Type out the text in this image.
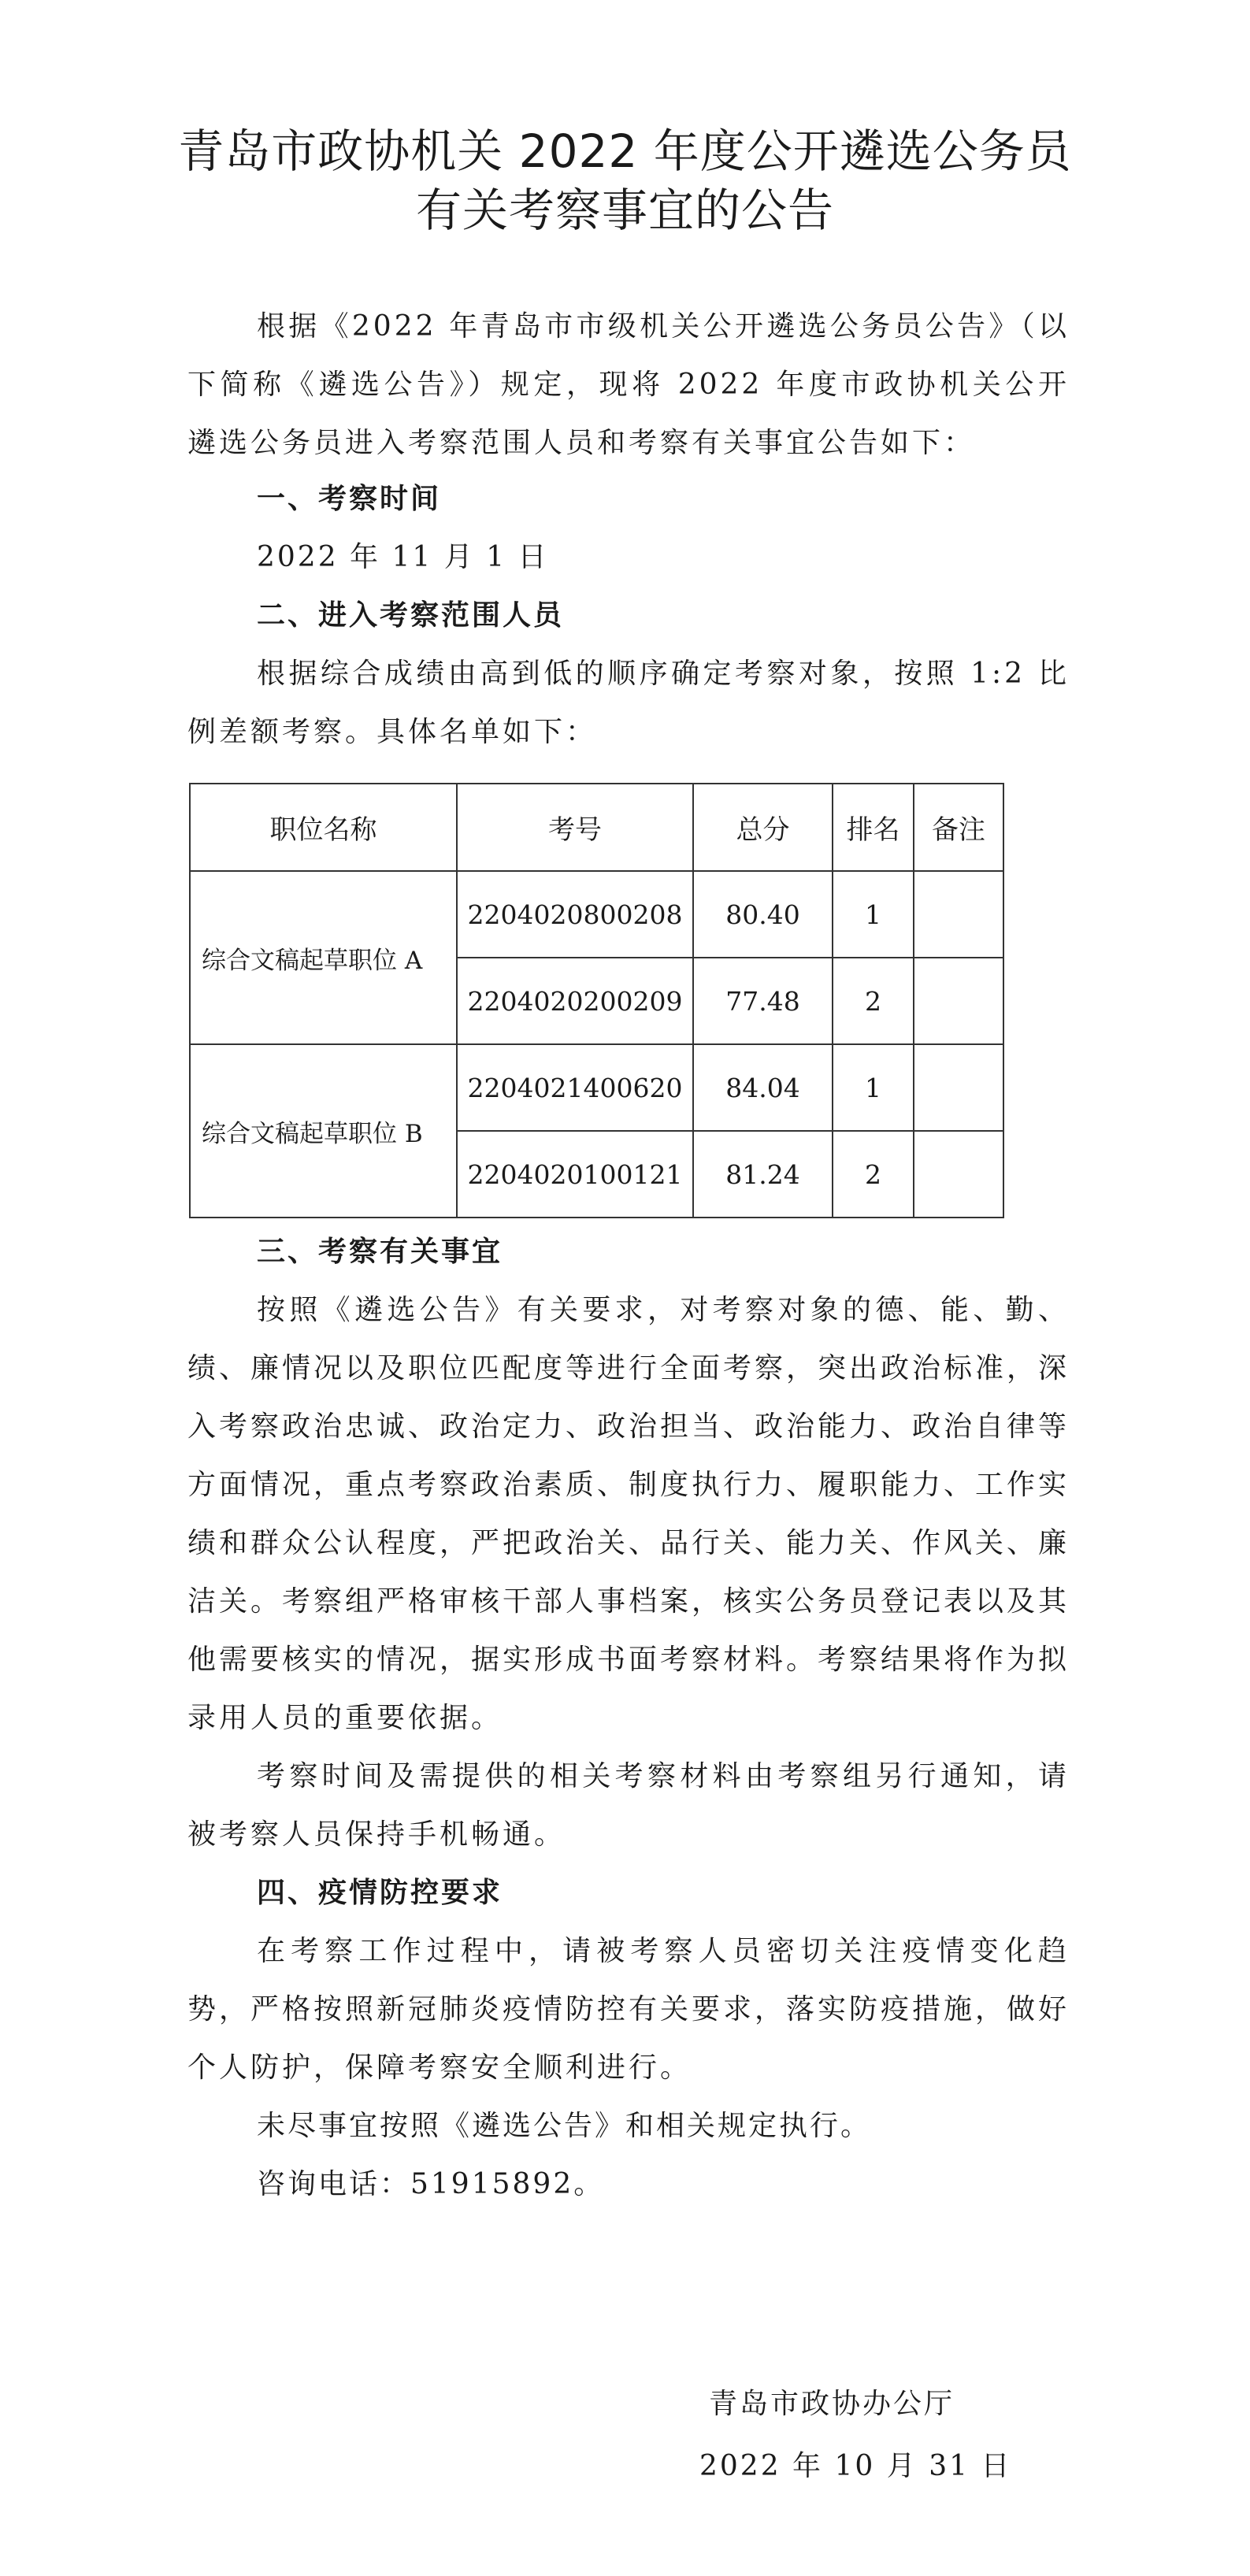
青岛市政协机关 2022 年度公开遴选公务员
有关考察事宜的公告

根据《2022 年青岛市市级机关公开遴选公务员公告》（以下简称《遴选公告》）规定，现将 2022 年度市政协机关公开遴选公务员进入考察范围人员和考察有关事宜公告如下：

一、考察时间

2022 年 11 月 1 日

二、进入考察范围人员

根据综合成绩由高到低的顺序确定考察对象，按照 1:2 比例差额考察。具体名单如下：

职位名称	考号	总分	排名	备注
综合文稿起草职位 A	2204020800208	80.40	1	
	2204020200209	77.48	2	
综合文稿起草职位 B	2204021400620	84.04	1	
	2204020100121	81.24	2	

三、考察有关事宜

按照《遴选公告》有关要求，对考察对象的德、能、勤、绩、廉情况以及职位匹配度等进行全面考察，突出政治标准，深入考察政治忠诚、政治定力、政治担当、政治能力、政治自律等方面情况，重点考察政治素质、制度执行力、履职能力、工作实绩和群众公认程度，严把政治关、品行关、能力关、作风关、廉洁关。考察组严格审核干部人事档案，核实公务员登记表以及其他需要核实的情况，据实形成书面考察材料。考察结果将作为拟录用人员的重要依据。

考察时间及需提供的相关考察材料由考察组另行通知，请被考察人员保持手机畅通。

四、疫情防控要求

在考察工作过程中，请被考察人员密切关注疫情变化趋势，严格按照新冠肺炎疫情防控有关要求，落实防疫措施，做好个人防护，保障考察安全顺利进行。

未尽事宜按照《遴选公告》和相关规定执行。

咨询电话：51915892。

青岛市政协办公厅
2022 年 10 月 31 日
